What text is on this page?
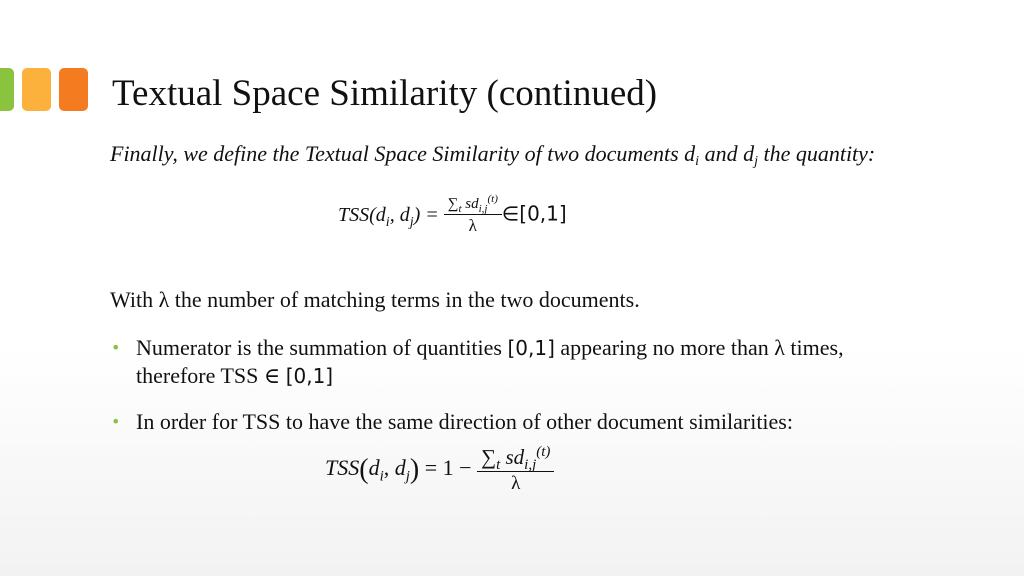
Textual Space Similarity (continued)
Finally, we define the Textual Space Similarity of two documents $d_i$ and $d_j$ the quantity:
$TSS(d_i$, $d_j) = \frac{\sum_t sd_{i,j}^{(t)}}{\lambda}$ ∈[0,1]
With λ the number of matching terms in the two documents.
• Numerator is the summation of quantities [0,1] appearing no more than λ times, therefore TSS ∈ [0,1]
• In order for TSS to have the same direction of other document similarities:
$TSS(d_i$, $d_j) = 1 - \frac{\sum_t sd_{i,j}^{(t)}}{\lambda}$
